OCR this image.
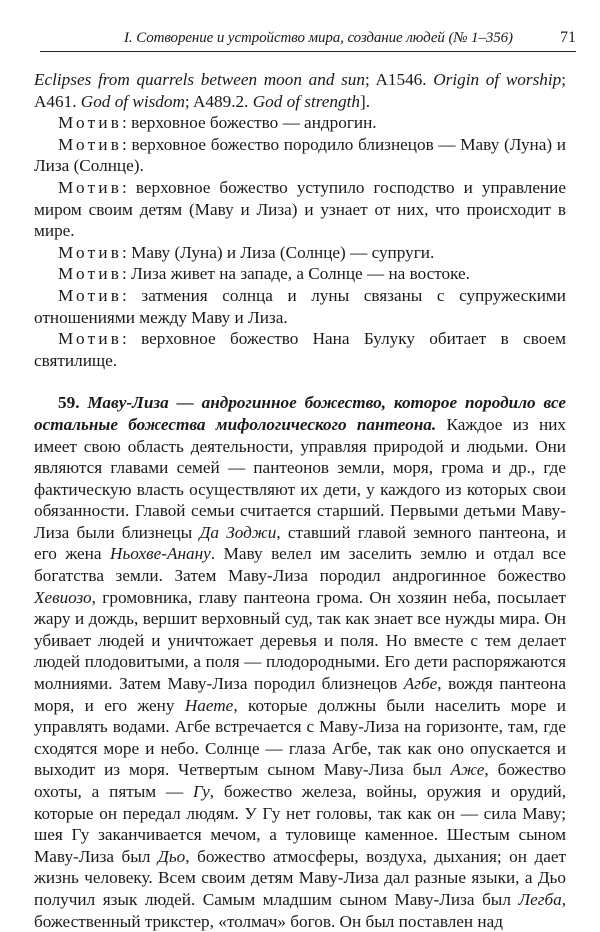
I. Сотворение и устройство мира, создание людей (№ 1–356)	71

Eclipses from quarrels between moon and sun; A1546. Origin of worship; A461. God of wisdom; A489.2. God of strength].

Мотив: верховное божество — андрогин.

Мотив: верховное божество породило близнецов — Маву (Луна) и Лиза (Солнце).

Мотив: верховное божество уступило господство и управление миром своим детям (Маву и Лиза) и узнает от них, что происходит в мире.

Мотив: Маву (Луна) и Лиза (Солнце) — супруги.

Мотив: Лиза живет на западе, а Солнце — на востоке.

Мотив: затмения солнца и луны связаны с супружескими отношениями между Маву и Лиза.

Мотив: верховное божество Нана Булуку обитает в своем святилище.

59. Маву-Лиза — андрогинное божество, которое породило все остальные божества мифологического пантеона. Каждое из них имеет свою область деятельности, управляя природой и людьми. Они являются главами семей — пантеонов земли, моря, грома и др., где фактическую власть осуществляют их дети, у каждого из которых свои обязанности. Главой семьи считается старший. Первыми детьми Маву-Лиза были близнецы Да Зоджи, ставший главой земного пантеона, и его жена Ньохве-Анану. Маву велел им заселить землю и отдал все богатства земли. Затем Маву-Лиза породил андрогинное божество Хевиозо, громовника, главу пантеона грома. Он хозяин неба, посылает жару и дождь, вершит верховный суд, так как знает все нужды мира. Он убивает людей и уничтожает деревья и поля. Но вместе с тем делает людей плодовитыми, а поля — плодородными. Его дети распоряжаются молниями. Затем Маву-Лиза породил близнецов Агбе, вождя пантеона моря, и его жену Наете, которые должны были населить море и управлять водами. Агбе встречается с Маву-Лиза на горизонте, там, где сходятся море и небо. Солнце — глаза Агбе, так как оно опускается и выходит из моря. Четвертым сыном Маву-Лиза был Аже, божество охоты, а пятым — Гу, божество железа, войны, оружия и орудий, которые он передал людям. У Гу нет головы, так как он — сила Маву; шея Гу заканчивается мечом, а туловище каменное. Шестым сыном Маву-Лиза был Дьо, божество атмосферы, воздуха, дыхания; он дает жизнь человеку. Всем своим детям Маву-Лиза дал разные языки, а Дьо получил язык людей. Самым младшим сыном Маву-Лиза был Легба, божественный трикстер, «толмач» богов. Он был поставлен над
